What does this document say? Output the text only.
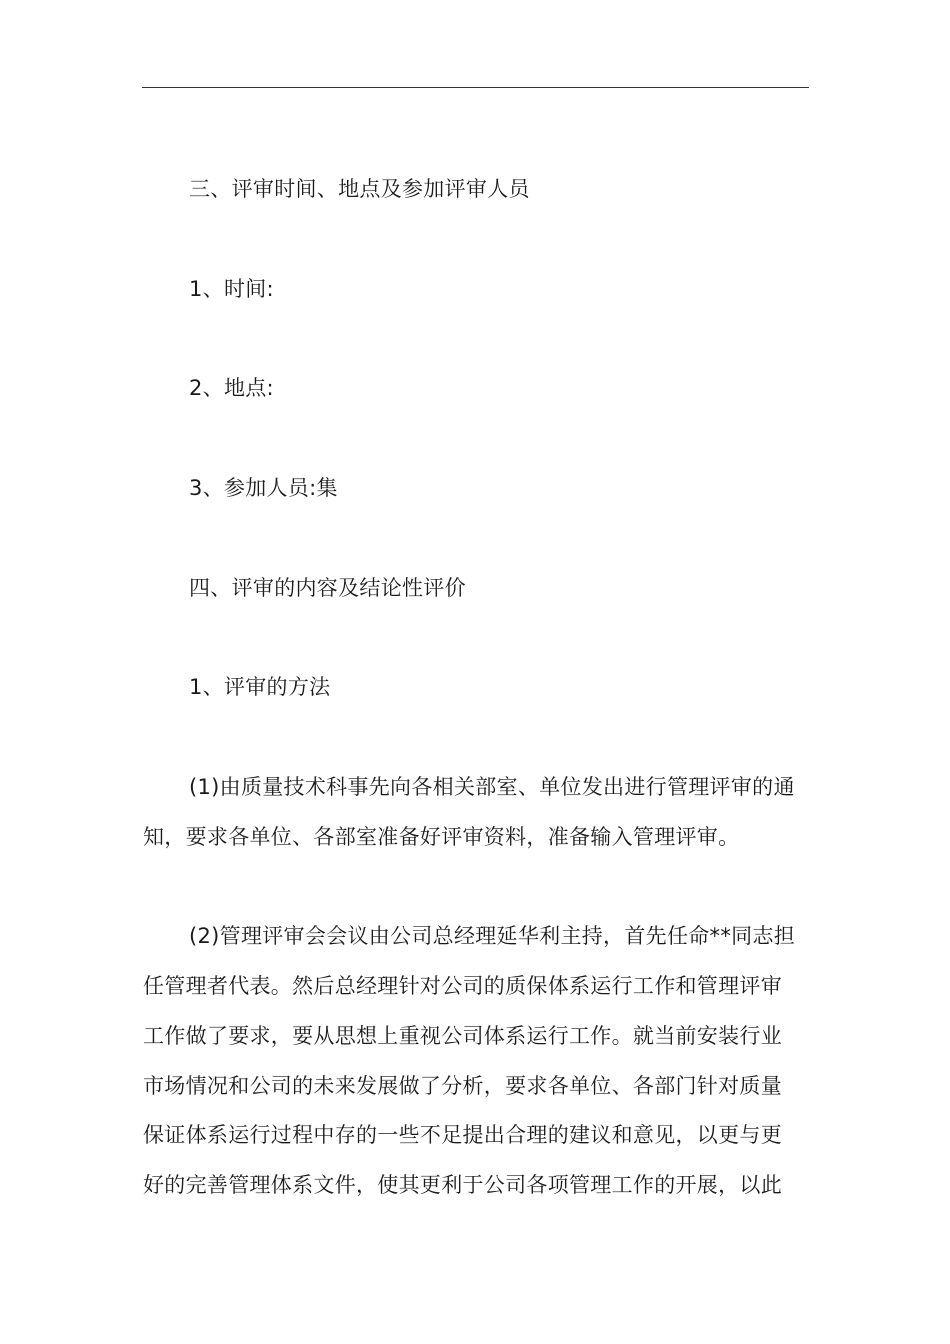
三、评审时间、地点及参加评审人员
1、时间:
2、地点:
3、参加人员:集
四、评审的内容及结论性评价
1、评审的方法
(1)由质量技术科事先向各相关部室、单位发出进行管理评审的通
知，要求各单位、各部室准备好评审资料，准备输入管理评审。
(2)管理评审会会议由公司总经理延华利主持，首先任命**同志担
任管理者代表。然后总经理针对公司的质保体系运行工作和管理评审
工作做了要求，要从思想上重视公司体系运行工作。就当前安装行业
市场情况和公司的未来发展做了分析，要求各单位、各部门针对质量
保证体系运行过程中存的一些不足提出合理的建议和意见，以更与更
好的完善管理体系文件，使其更利于公司各项管理工作的开展，以此
